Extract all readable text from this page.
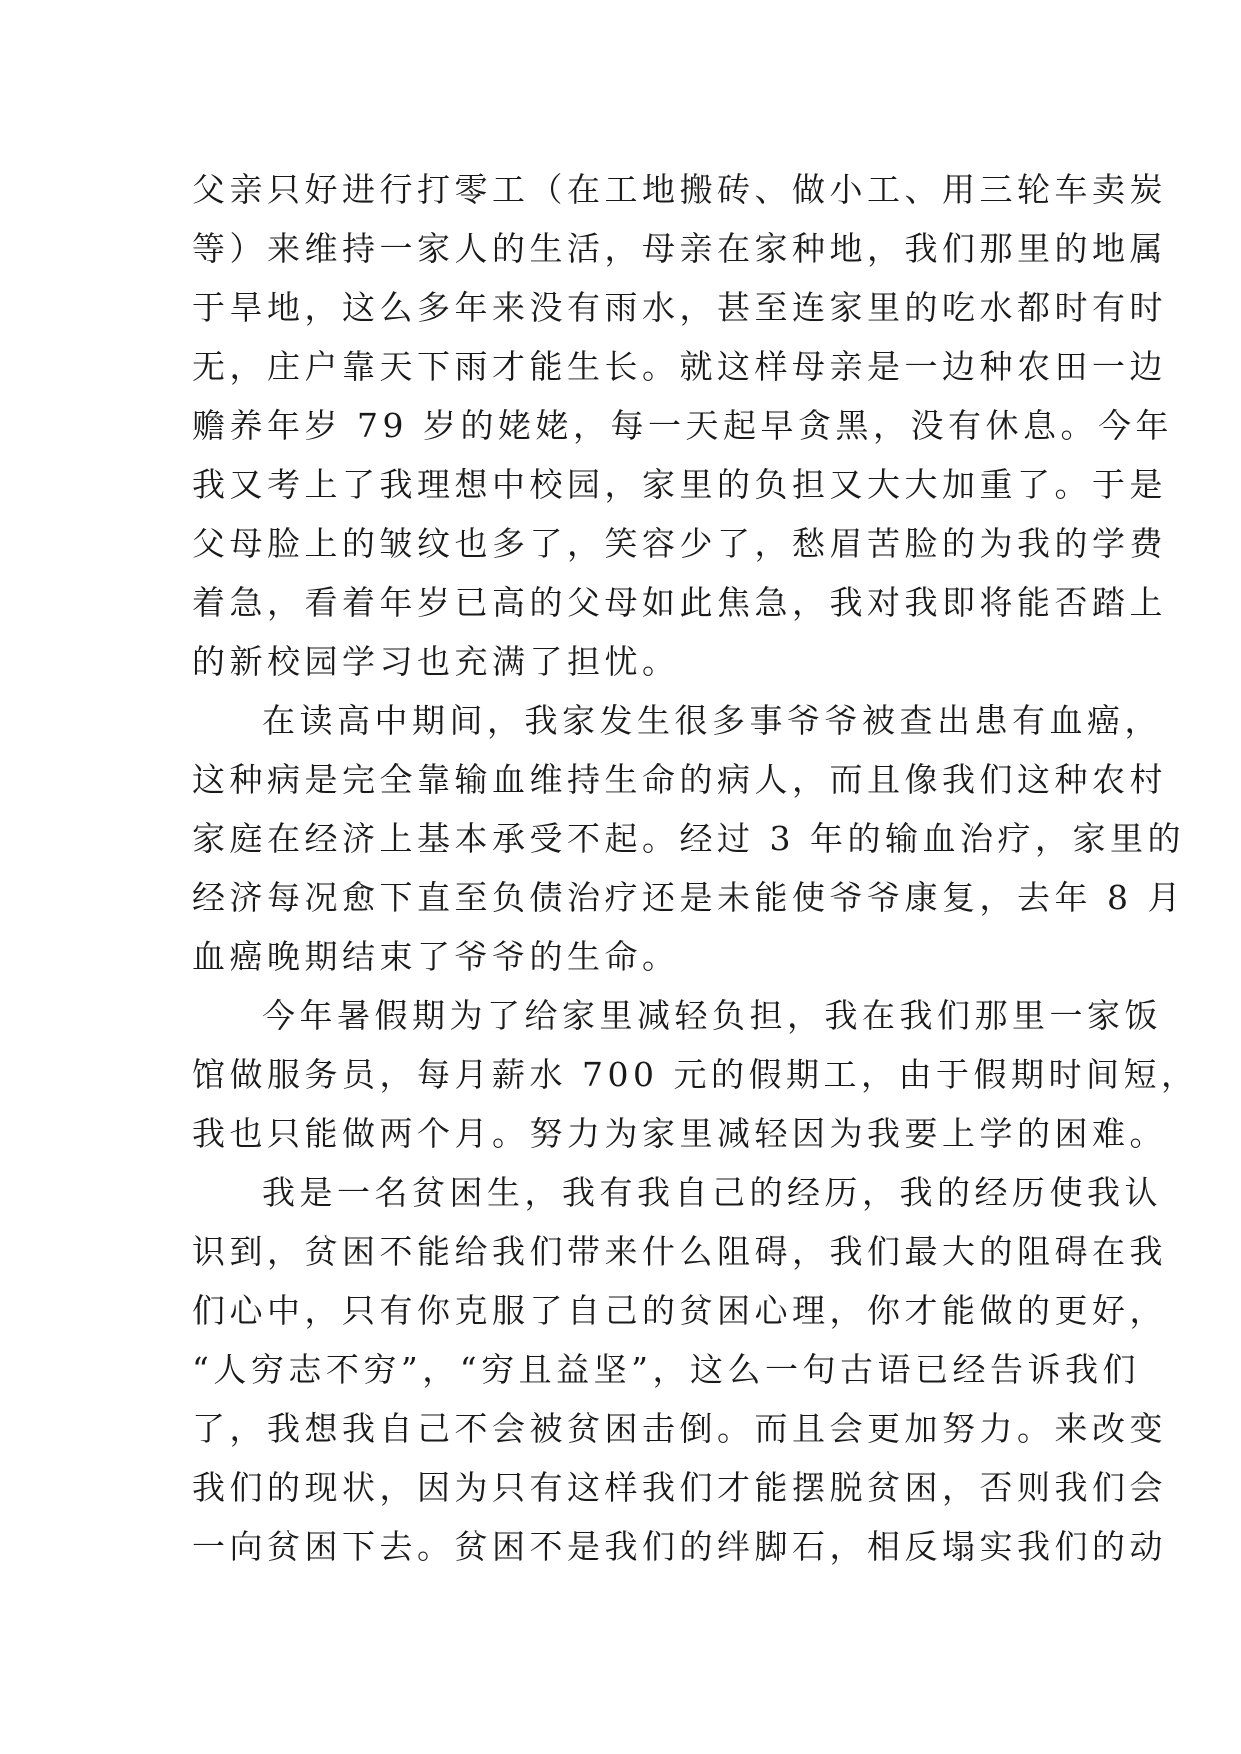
父亲只好进行打零工（在工地搬砖、做小工、用三轮车卖炭
等）来维持一家人的生活，母亲在家种地，我们那里的地属
于旱地，这么多年来没有雨水，甚至连家里的吃水都时有时
无，庄户靠天下雨才能生长。就这样母亲是一边种农田一边
赡养年岁 79 岁的姥姥，每一天起早贪黑，没有休息。今年
我又考上了我理想中校园，家里的负担又大大加重了。于是
父母脸上的皱纹也多了，笑容少了，愁眉苦脸的为我的学费
着急，看着年岁已高的父母如此焦急，我对我即将能否踏上
的新校园学习也充满了担忧。
在读高中期间，我家发生很多事爷爷被查出患有血癌，
这种病是完全靠输血维持生命的病人，而且像我们这种农村
家庭在经济上基本承受不起。经过 3 年的输血治疗，家里的
经济每况愈下直至负债治疗还是未能使爷爷康复，去年 8 月
血癌晚期结束了爷爷的生命。
今年暑假期为了给家里减轻负担，我在我们那里一家饭
馆做服务员，每月薪水 700 元的假期工，由于假期时间短，
我也只能做两个月。努力为家里减轻因为我要上学的困难。
我是一名贫困生，我有我自己的经历，我的经历使我认
识到，贫困不能给我们带来什么阻碍，我们最大的阻碍在我
们心中，只有你克服了自己的贫困心理，你才能做的更好，
“人穷志不穷”，“穷且益坚”，这么一句古语已经告诉我们
了，我想我自己不会被贫困击倒。而且会更加努力。来改变
我们的现状，因为只有这样我们才能摆脱贫困，否则我们会
一向贫困下去。贫困不是我们的绊脚石，相反塌实我们的动
